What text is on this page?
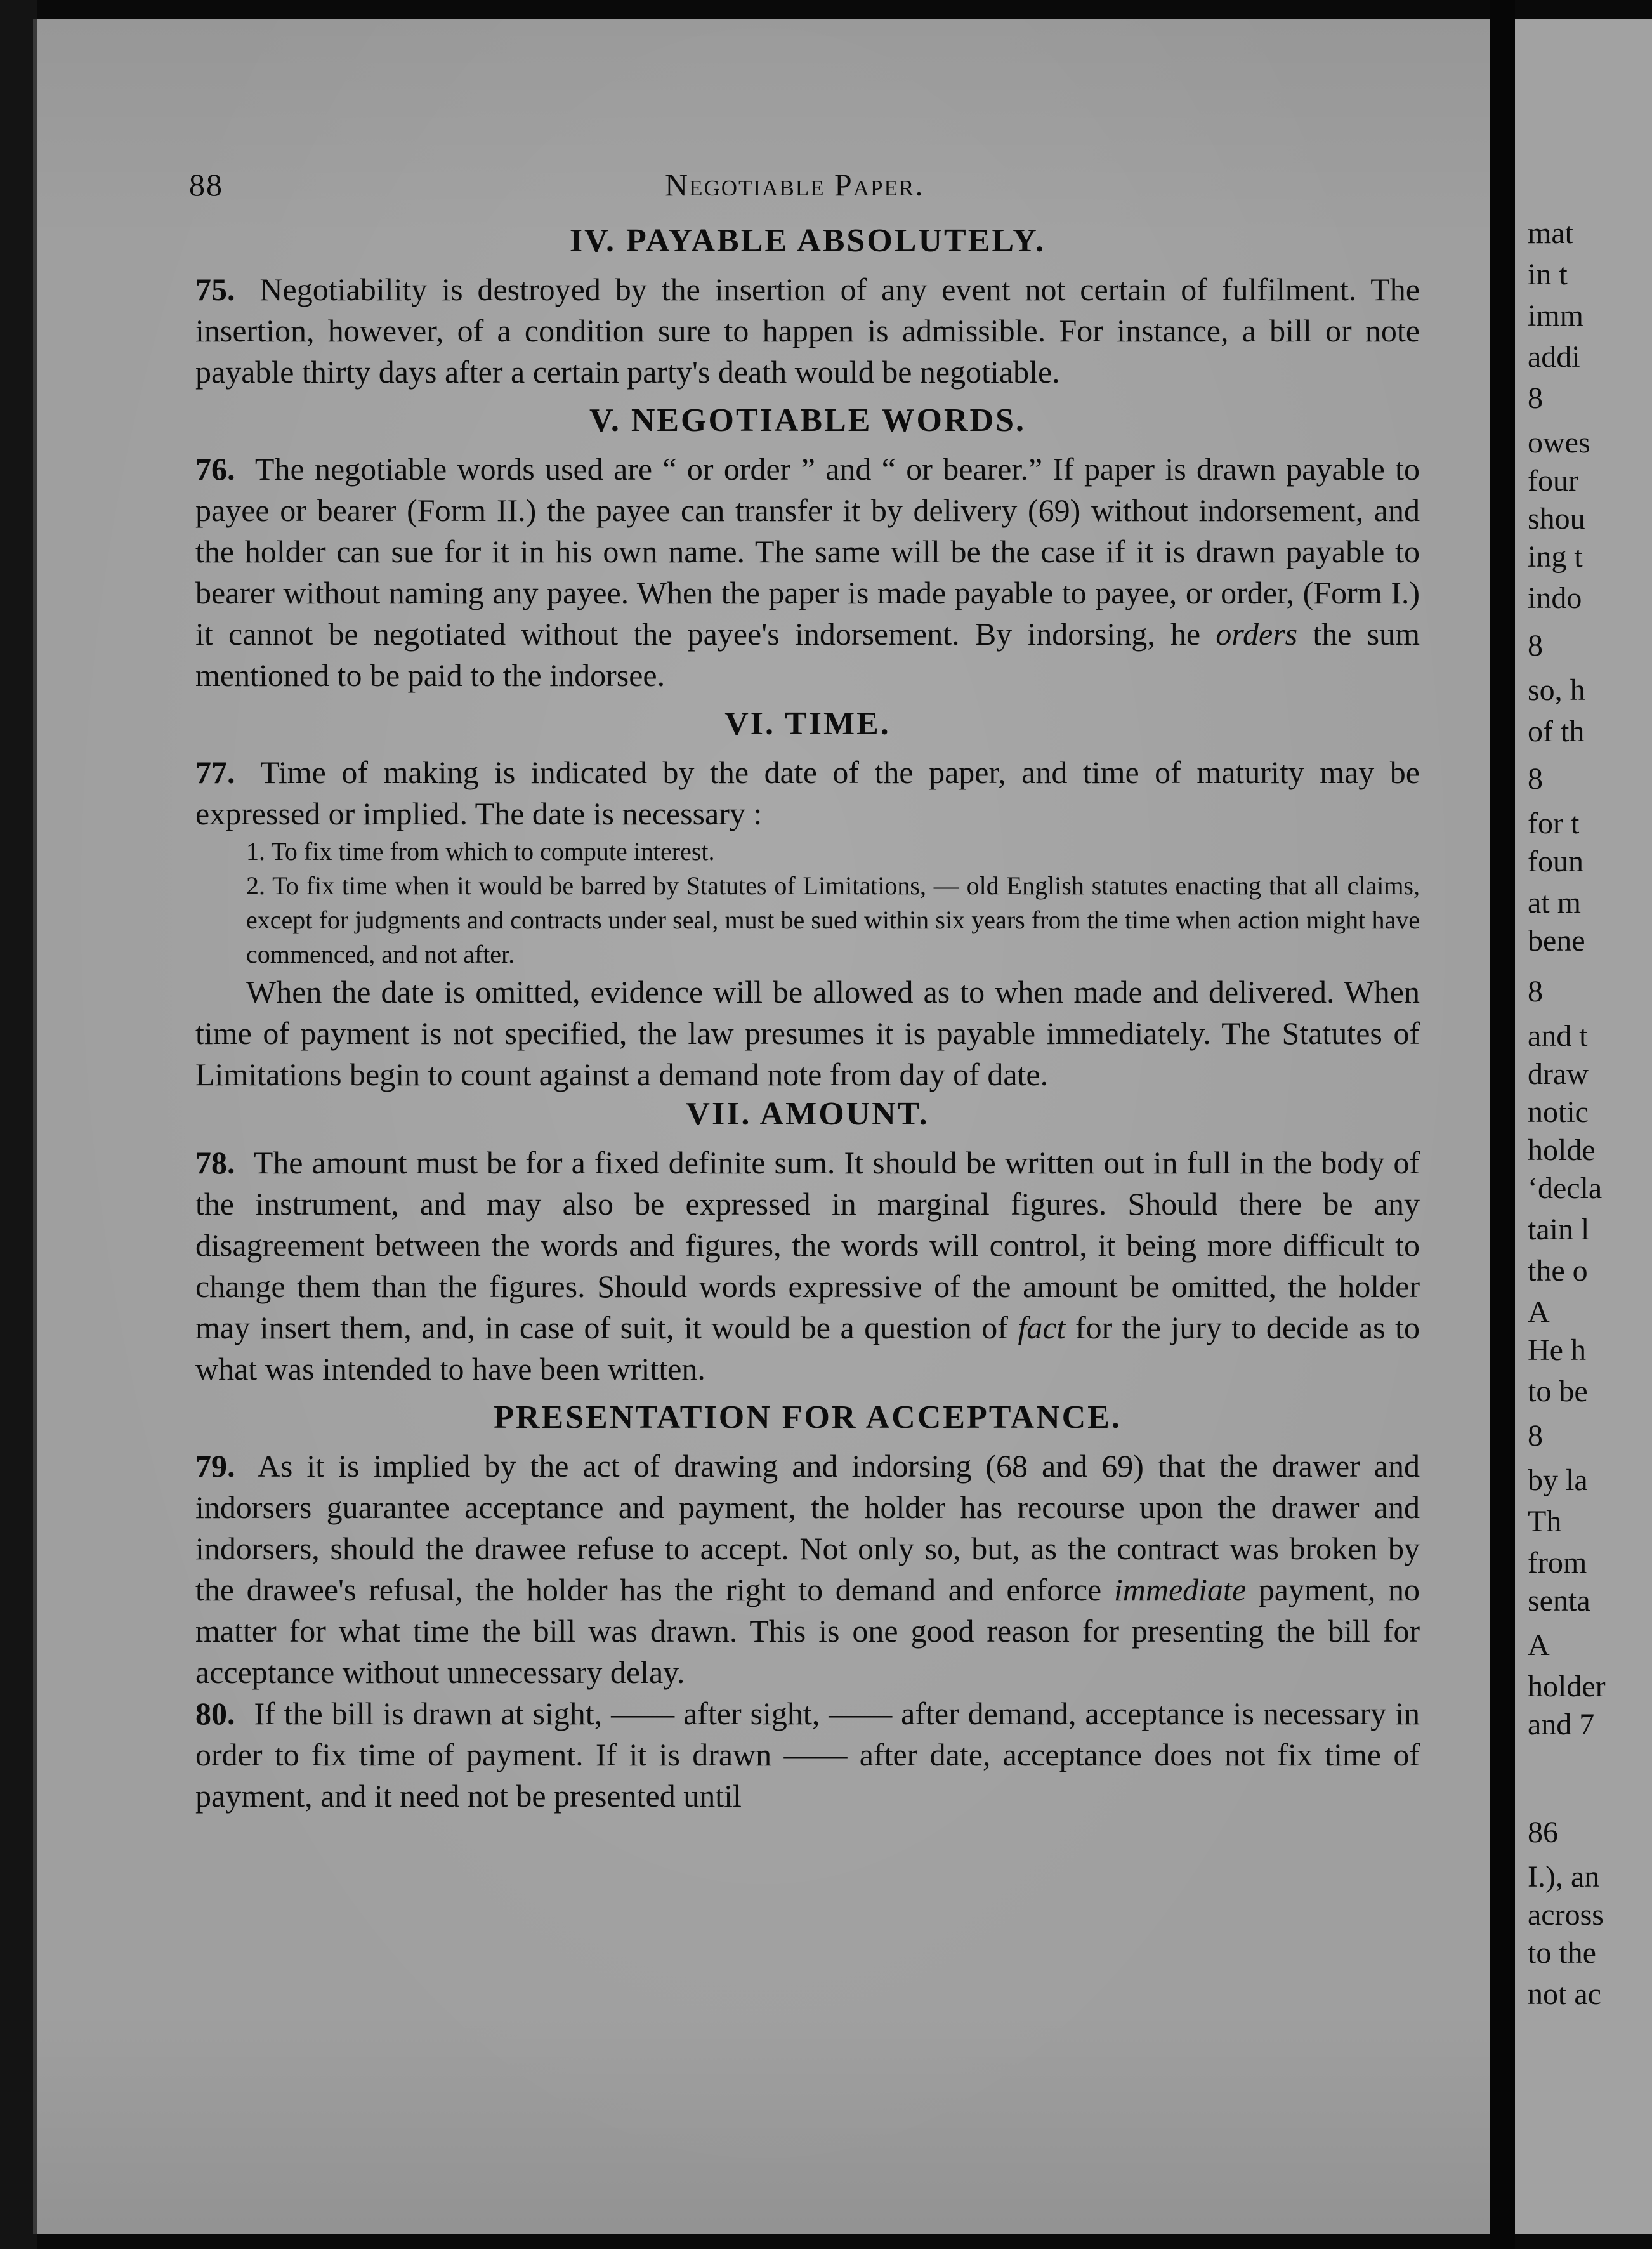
88	Negotiable Paper.
IV. PAYABLE ABSOLUTELY.

75. Negotiability is destroyed by the insertion of any event not certain of fulfilment. The insertion, however, of a condition sure to happen is admissible. For instance, a bill or note payable thirty days after a certain party's death would be negotiable.

V. NEGOTIABLE WORDS.

76. The negotiable words used are “ or order ” and “ or bearer.” If paper is drawn payable to payee or bearer (Form II.) the payee can transfer it by delivery (69) without indorsement, and the holder can sue for it in his own name. The same will be the case if it is drawn payable to bearer without naming any payee. When the paper is made payable to payee, or order, (Form I.) it cannot be negotiated without the payee's indorsement. By indorsing, he orders the sum mentioned to be paid to the indorsee.

VI. TIME.

77. Time of making is indicated by the date of the paper, and time of maturity may be expressed or implied. The date is necessary :

1. To fix time from which to compute interest.

2. To fix time when it would be barred by Statutes of Limitations, — old English statutes enacting that all claims, except for judgments and contracts under seal, must be sued within six years from the time when action might have commenced, and not after.

When the date is omitted, evidence will be allowed as to when made and delivered. When time of payment is not specified, the law presumes it is payable immediately. The Statutes of Limitations begin to count against a demand note from day of date.

VII. AMOUNT.

78. The amount must be for a fixed definite sum. It should be written out in full in the body of the instrument, and may also be expressed in marginal figures. Should there be any disagreement between the words and figures, the words will control, it being more difficult to change them than the figures. Should words expressive of the amount be omitted, the holder may insert them, and, in case of suit, it would be a question of fact for the jury to decide as to what was intended to have been written.

PRESENTATION FOR ACCEPTANCE.

79. As it is implied by the act of drawing and indorsing (68 and 69) that the drawer and indorsers guarantee acceptance and payment, the holder has recourse upon the drawer and indorsers, should the drawee refuse to accept. Not only so, but, as the contract was broken by the drawee's refusal, the holder has the right to demand and enforce immediate payment, no matter for what time the bill was drawn. This is one good reason for presenting the bill for acceptance without unnecessary delay.

80. If the bill is drawn at sight, —— after sight, —— after demand, acceptance is necessary in order to fix time of payment. If it is drawn —— after date, acceptance does not fix time of payment, and it need not be presented until

mat
in t
imm
addi
8
owes
four
shou
ing t
indo
8
so, h
of th
8
for t
foun
at m
bene
8
and t
draw
notic
holde
‘decla
tain l
the o
A
He h
to be
8
by la
Th
from
senta
A
holder
and 7
86
I.), an
across
to the
not ac
